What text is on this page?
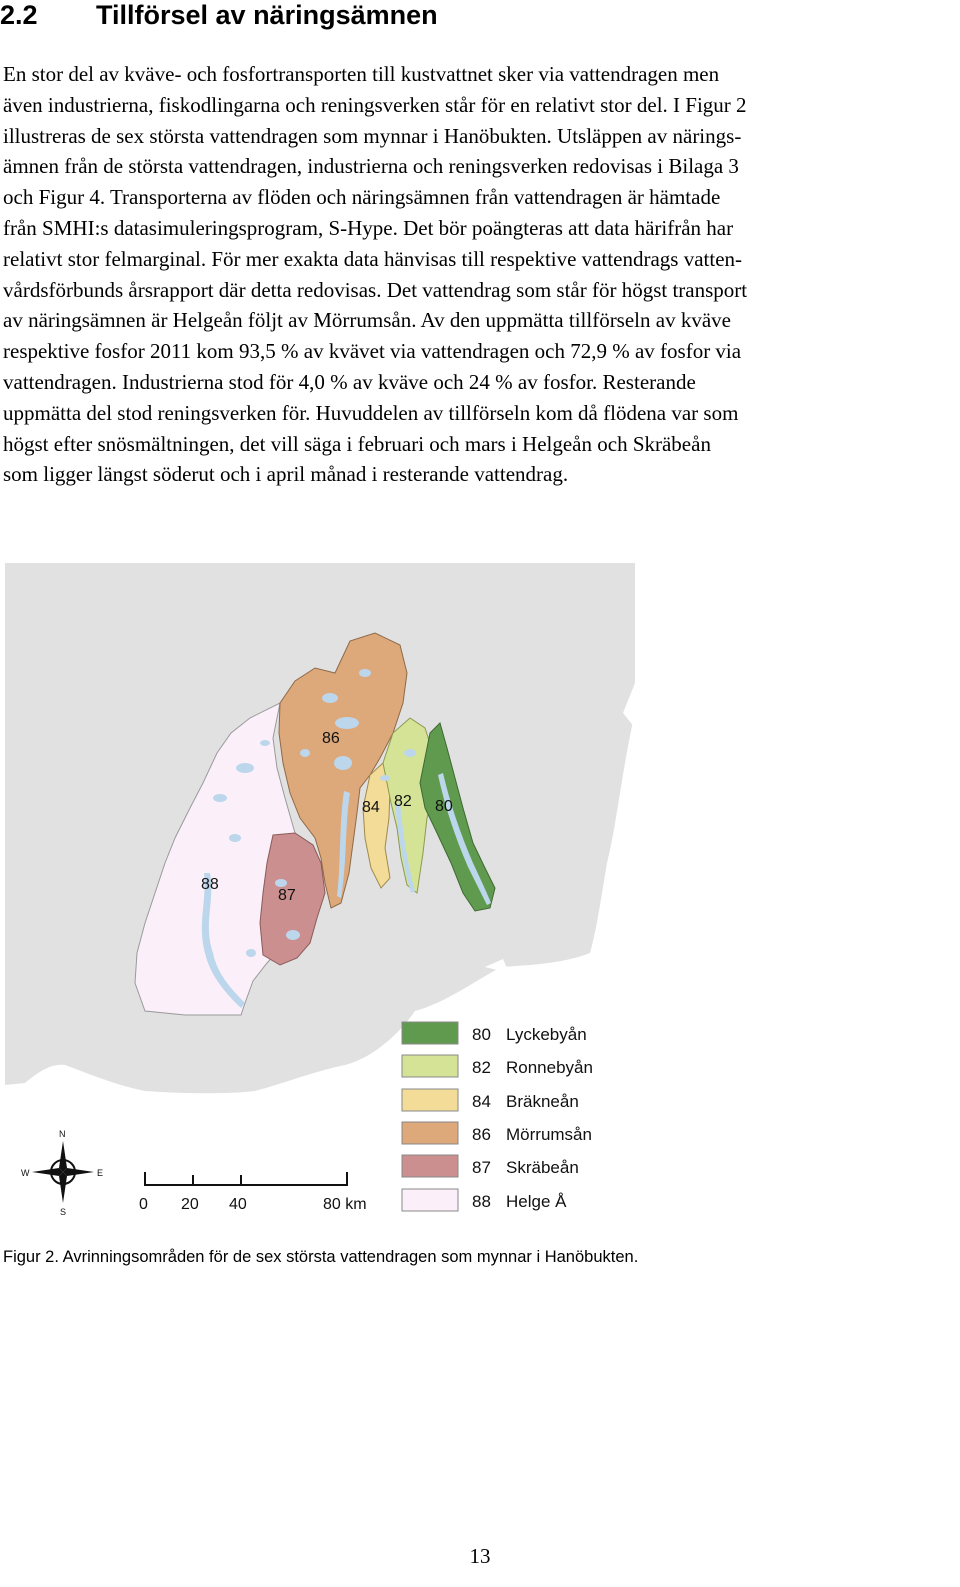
2.2 Tillförsel av näringsämnen

En stor del av kväve- och fosfortransporten till kustvattnet sker via vattendragen men
även industrierna, fiskodlingarna och reningsverken står för en relativt stor del. I Figur 2
illustreras de sex största vattendragen som mynnar i Hanöbukten. Utsläppen av närings-
ämnen från de största vattendragen, industrierna och reningsverken redovisas i Bilaga 3
och Figur 4. Transporterna av flöden och näringsämnen från vattendragen är hämtade
från SMHI:s datasimuleringsprogram, S-Hype. Det bör poängteras att data härifrån har
relativt stor felmarginal. För mer exakta data hänvisas till respektive vattendrags vatten-
vårdsförbunds årsrapport där detta redovisas. Det vattendrag som står för högst transport
av näringsämnen är Helgeån följt av Mörrumsån. Av den uppmätta tillförseln av kväve
respektive fosfor 2011 kom 93,5 % av kvävet via vattendragen och 72,9 % av fosfor via
vattendragen. Industrierna stod för 4,0 % av kväve och 24 % av fosfor. Resterande
uppmätta del stod reningsverken för. Huvuddelen av tillförseln kom då flödena var som
högst efter snösmältningen, det vill säga i februari och mars i Helgeån och Skräbeån
som ligger längst söderut och i april månad i resterande vattendrag.

86
84 82 80
88
87
80 Lyckebyån
82 Ronnebyån
84 Bräkneån
86 Mörrumsån
87 Skräbeån
88 Helge Å
0 20 40	80 km
N
S
W	E

Figur 2. Avrinningsområden för de sex största vattendragen som mynnar i Hanöbukten.

13
